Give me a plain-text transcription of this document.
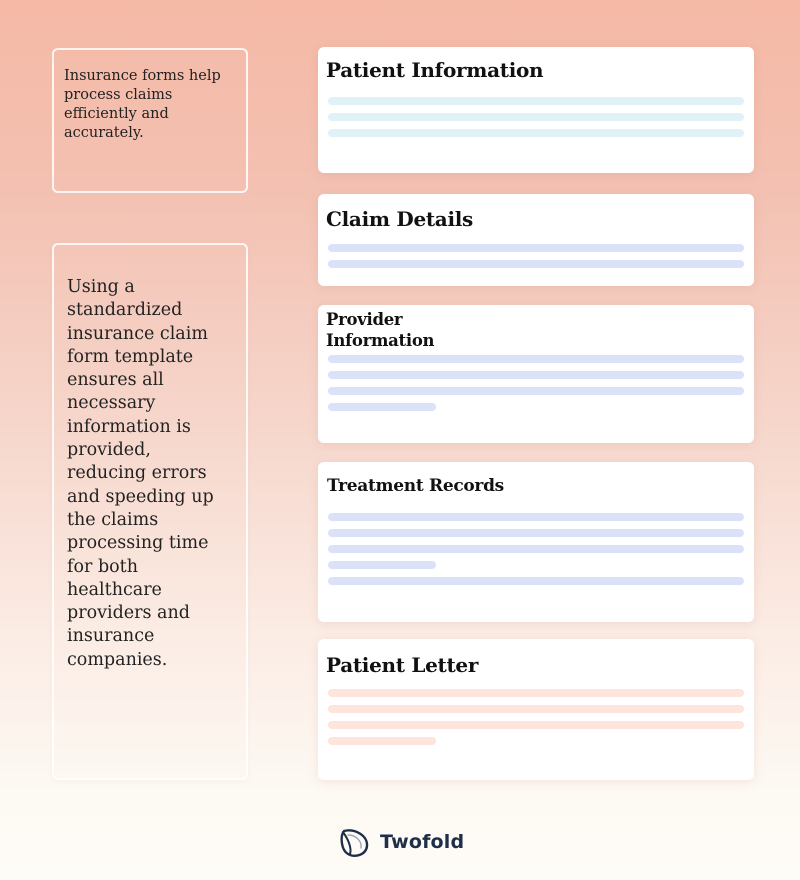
Insurance forms help process claims efficiently and accurately.
Using a standardized insurance claim form template ensures all necessary information is provided, reducing errors and speeding up the claims processing time for both healthcare providers and insurance companies.
Patient Information
Claim Details
Provider Information
Treatment Records
Patient Letter
Twofold
